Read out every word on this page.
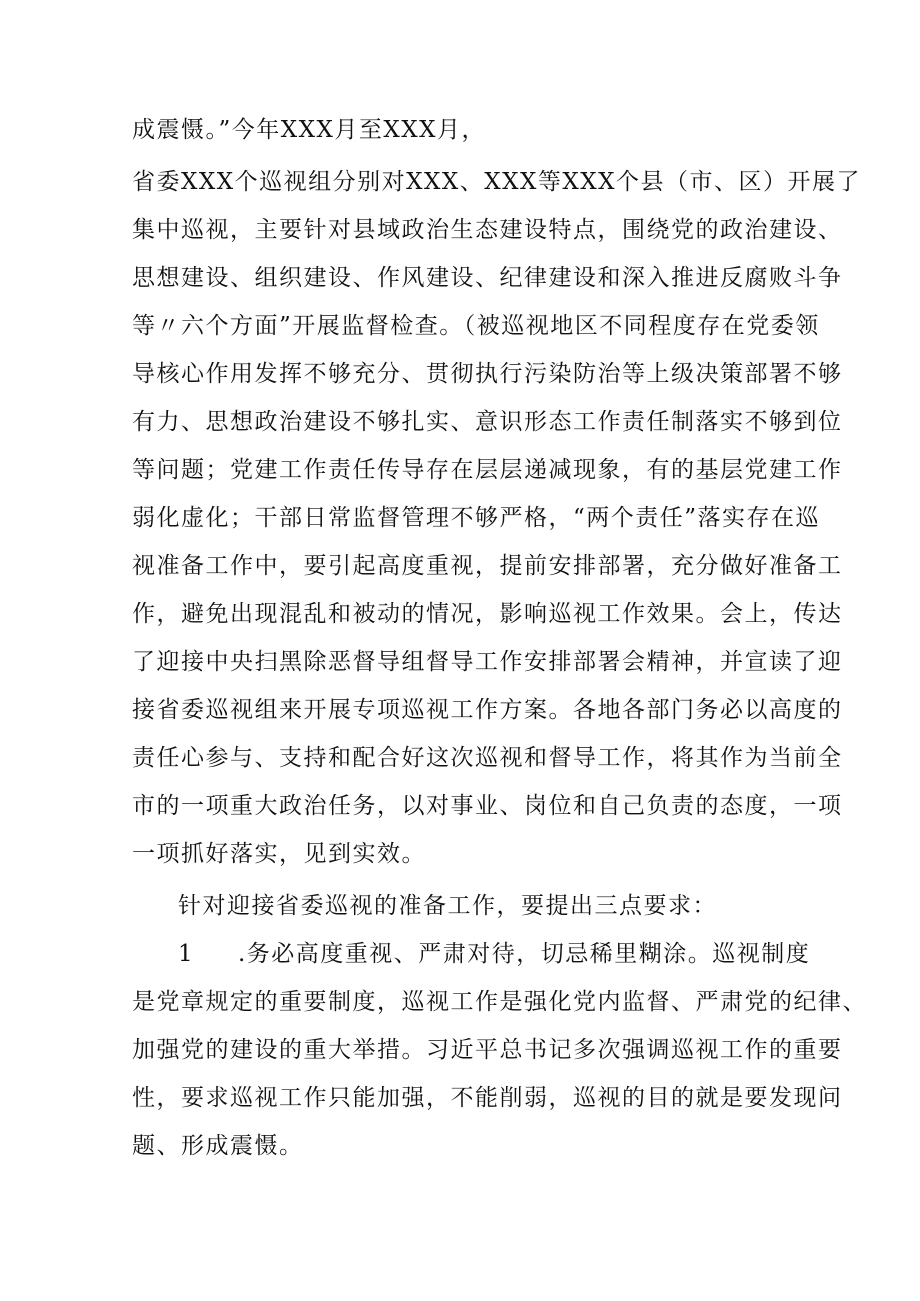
成震慑。”今年XXX月至XXX月，
省委XXX个巡视组分别对XXX、XXX等XXX个县（市、区）开展了
集中巡视，主要针对县域政治生态建设特点，围绕党的政治建设、
思想建设、组织建设、作风建设、纪律建设和深入推进反腐败斗争
等〃六个方面”开展监督检查。（被巡视地区不同程度存在党委领
导核心作用发挥不够充分、贯彻执行污染防治等上级决策部署不够
有力、思想政治建设不够扎实、意识形态工作责任制落实不够到位
等问题；党建工作责任传导存在层层递减现象，有的基层党建工作
弱化虚化；干部日常监督管理不够严格，“两个责任”落实存在巡
视准备工作中，要引起高度重视，提前安排部署，充分做好准备工
作，避免出现混乱和被动的情况，影响巡视工作效果。会上，传达
了迎接中央扫黑除恶督导组督导工作安排部署会精神，并宣读了迎
接省委巡视组来开展专项巡视工作方案。各地各部门务必以高度的
责任心参与、支持和配合好这次巡视和督导工作，将其作为当前全
市的一项重大政治任务，以对事业、岗位和自己负责的态度，一项
一项抓好落实，见到实效。
针对迎接省委巡视的准备工作，要提出三点要求：
1	.务必高度重视、严肃对待，切忌稀里糊涂。巡视制度
是党章规定的重要制度，巡视工作是强化党内监督、严肃党的纪律、
加强党的建设的重大举措。习近平总书记多次强调巡视工作的重要
性，要求巡视工作只能加强，不能削弱，巡视的目的就是要发现问
题、形成震慑。
